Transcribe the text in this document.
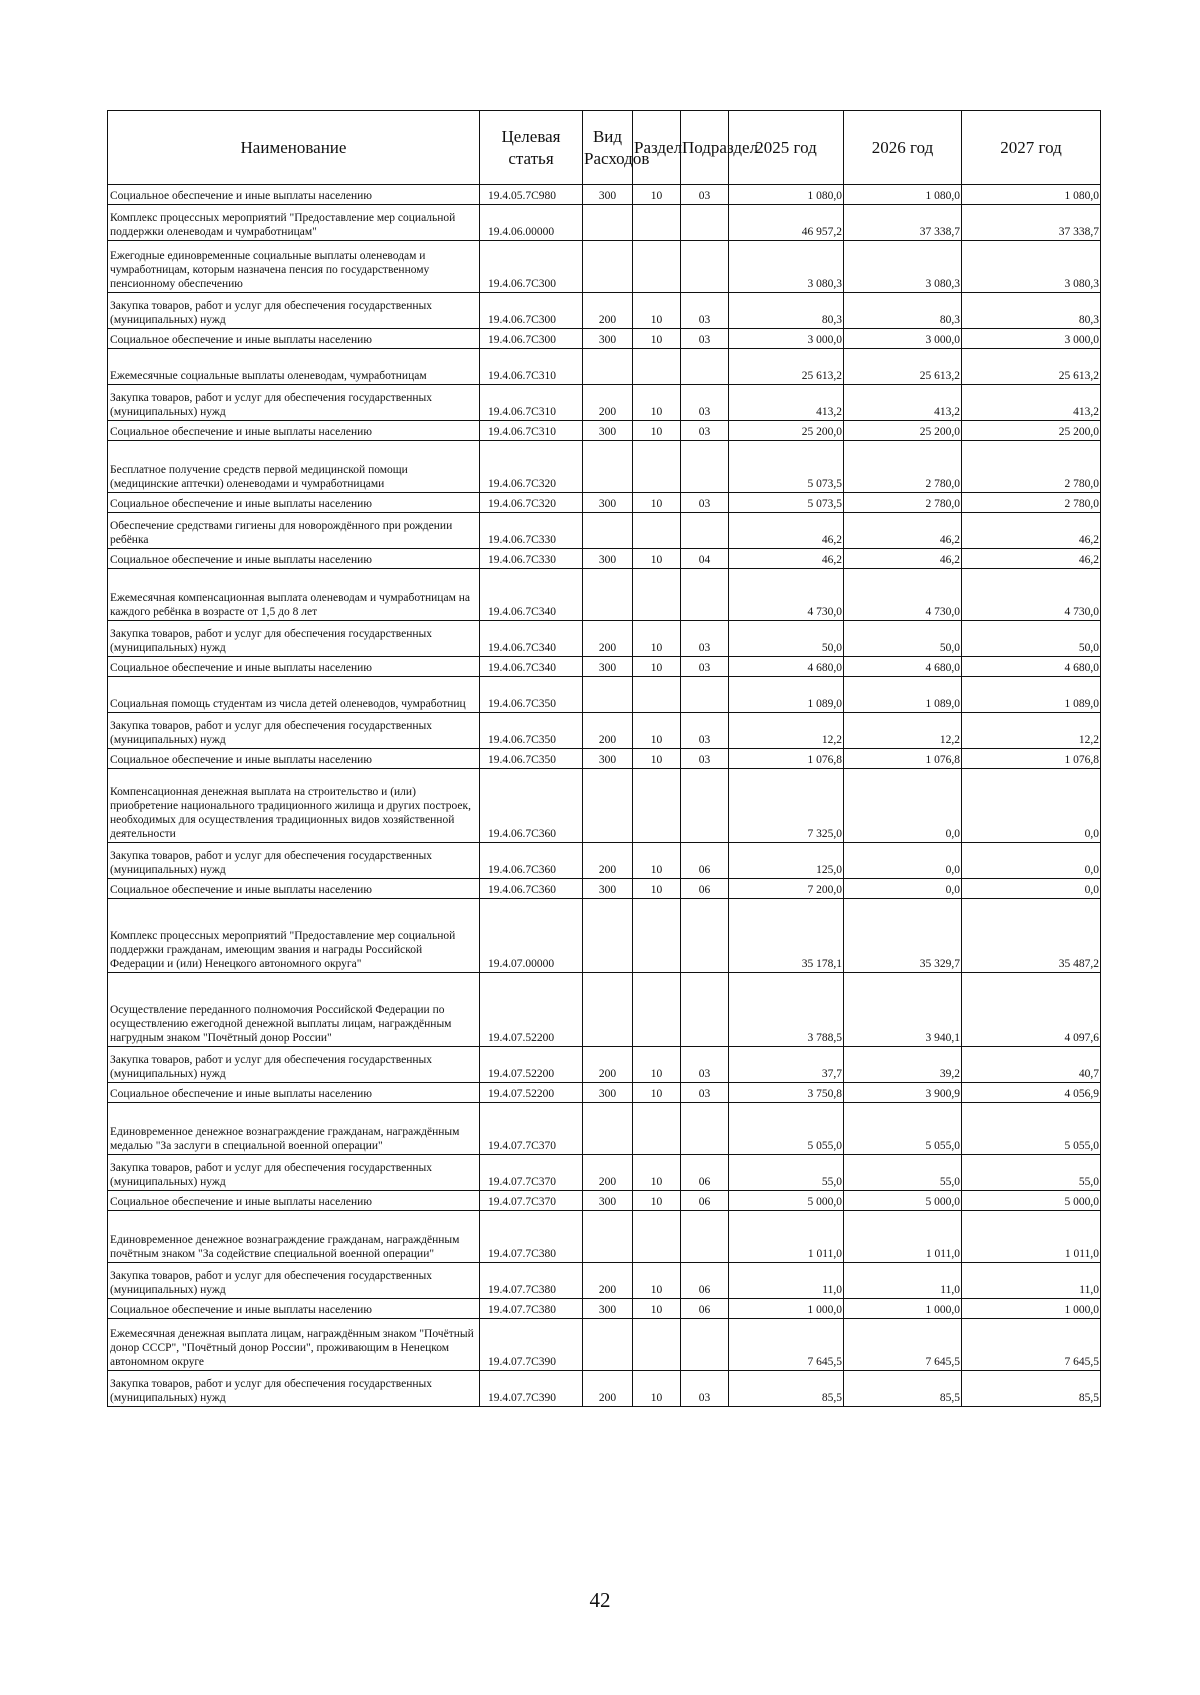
Наименование	Целевая статья	Вид Расходов	Раздел	Подраздел	2025 год	2026 год	2027 год
Социальное обеспечение и иные выплаты населению	19.4.05.7С980	300	10	03	1 080,0	1 080,0	1 080,0
Комплекс процессных мероприятий "Предоставление мер социальной поддержки оленеводам и чумработницам"	19.4.06.00000				46 957,2	37 338,7	37 338,7
Ежегодные единовременные социальные выплаты оленеводам и чумработницам, которым назначена пенсия по государственному пенсионному обеспечению	19.4.06.7С300				3 080,3	3 080,3	3 080,3
Закупка товаров, работ и услуг для обеспечения государственных (муниципальных) нужд	19.4.06.7С300	200	10	03	80,3	80,3	80,3
Социальное обеспечение и иные выплаты населению	19.4.06.7С300	300	10	03	3 000,0	3 000,0	3 000,0
Ежемесячные социальные выплаты оленеводам, чумработницам	19.4.06.7С310				25 613,2	25 613,2	25 613,2
Закупка товаров, работ и услуг для обеспечения государственных (муниципальных) нужд	19.4.06.7С310	200	10	03	413,2	413,2	413,2
Социальное обеспечение и иные выплаты населению	19.4.06.7С310	300	10	03	25 200,0	25 200,0	25 200,0
Бесплатное получение средств первой медицинской помощи (медицинские аптечки) оленеводами и чумработницами	19.4.06.7С320				5 073,5	2 780,0	2 780,0
Социальное обеспечение и иные выплаты населению	19.4.06.7С320	300	10	03	5 073,5	2 780,0	2 780,0
Обеспечение средствами гигиены для новорождённого при рождении ребёнка	19.4.06.7С330				46,2	46,2	46,2
Социальное обеспечение и иные выплаты населению	19.4.06.7С330	300	10	04	46,2	46,2	46,2
Ежемесячная компенсационная выплата оленеводам и чумработницам на каждого ребёнка в возрасте от 1,5 до 8 лет	19.4.06.7С340				4 730,0	4 730,0	4 730,0
Закупка товаров, работ и услуг для обеспечения государственных (муниципальных) нужд	19.4.06.7С340	200	10	03	50,0	50,0	50,0
Социальное обеспечение и иные выплаты населению	19.4.06.7С340	300	10	03	4 680,0	4 680,0	4 680,0
Социальная помощь студентам из числа детей оленеводов, чумработниц	19.4.06.7С350				1 089,0	1 089,0	1 089,0
Закупка товаров, работ и услуг для обеспечения государственных (муниципальных) нужд	19.4.06.7С350	200	10	03	12,2	12,2	12,2
Социальное обеспечение и иные выплаты населению	19.4.06.7С350	300	10	03	1 076,8	1 076,8	1 076,8
Компенсационная денежная выплата на строительство и (или) приобретение национального традиционного жилища и других построек, необходимых для осуществления традиционных видов хозяйственной деятельности	19.4.06.7С360				7 325,0	0,0	0,0
Закупка товаров, работ и услуг для обеспечения государственных (муниципальных) нужд	19.4.06.7С360	200	10	06	125,0	0,0	0,0
Социальное обеспечение и иные выплаты населению	19.4.06.7С360	300	10	06	7 200,0	0,0	0,0
Комплекс процессных мероприятий "Предоставление мер социальной поддержки гражданам, имеющим звания и награды Российской Федерации и (или) Ненецкого автономного округа"	19.4.07.00000				35 178,1	35 329,7	35 487,2
Осуществление переданного полномочия Российской Федерации по осуществлению ежегодной денежной выплаты лицам, награждённым нагрудным знаком "Почётный донор России"	19.4.07.52200				3 788,5	3 940,1	4 097,6
Закупка товаров, работ и услуг для обеспечения государственных (муниципальных) нужд	19.4.07.52200	200	10	03	37,7	39,2	40,7
Социальное обеспечение и иные выплаты населению	19.4.07.52200	300	10	03	3 750,8	3 900,9	4 056,9
Единовременное денежное вознаграждение гражданам, награждённым медалью "За заслуги в специальной военной операции"	19.4.07.7С370				5 055,0	5 055,0	5 055,0
Закупка товаров, работ и услуг для обеспечения государственных (муниципальных) нужд	19.4.07.7С370	200	10	06	55,0	55,0	55,0
Социальное обеспечение и иные выплаты населению	19.4.07.7С370	300	10	06	5 000,0	5 000,0	5 000,0
Единовременное денежное вознаграждение гражданам, награждённым почётным знаком "За содействие специальной военной операции"	19.4.07.7С380				1 011,0	1 011,0	1 011,0
Закупка товаров, работ и услуг для обеспечения государственных (муниципальных) нужд	19.4.07.7С380	200	10	06	11,0	11,0	11,0
Социальное обеспечение и иные выплаты населению	19.4.07.7С380	300	10	06	1 000,0	1 000,0	1 000,0
Ежемесячная денежная выплата лицам, награждённым знаком "Почётный донор СССР", "Почётный донор России", проживающим в Ненецком автономном округе	19.4.07.7С390				7 645,5	7 645,5	7 645,5
Закупка товаров, работ и услуг для обеспечения государственных (муниципальных) нужд	19.4.07.7С390	200	10	03	85,5	85,5	85,5
42
